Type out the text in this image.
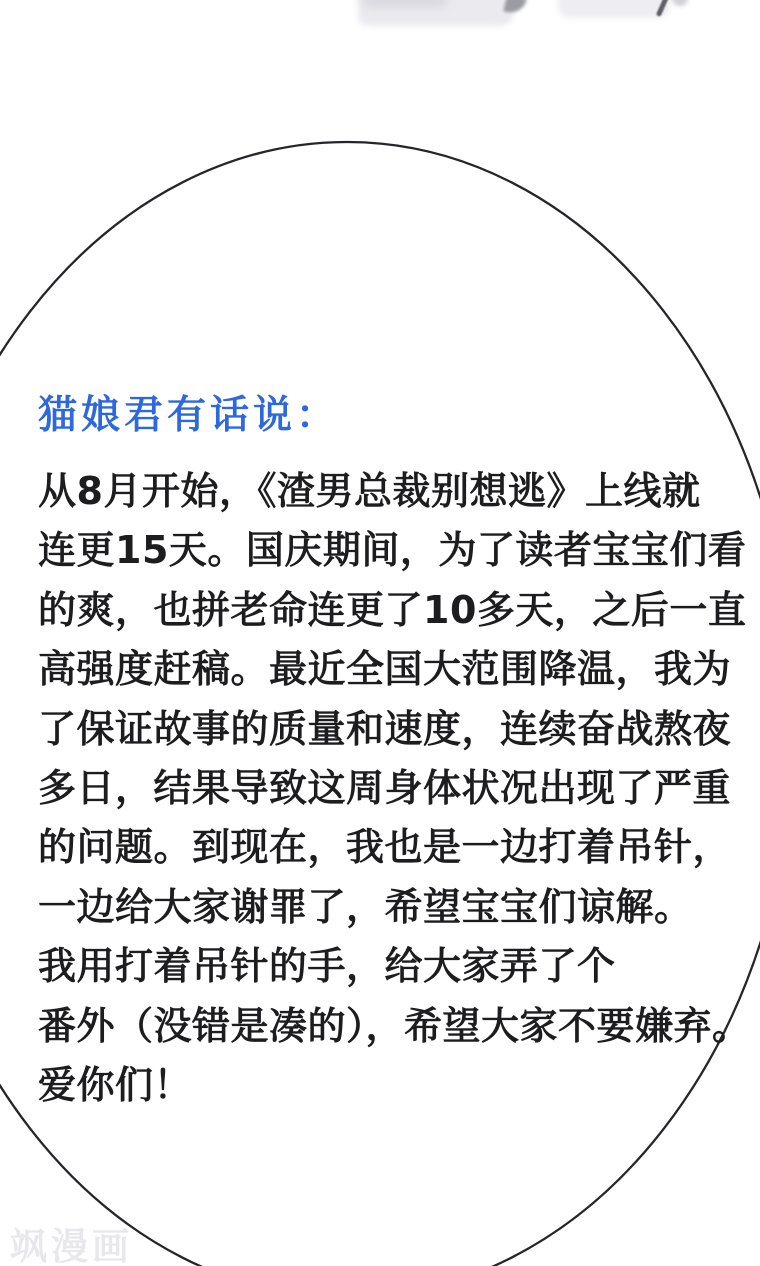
猫娘君有话说：
从8月开始，《渣男总裁别想逃》上线就
连更15天。国庆期间，为了读者宝宝们看
的爽，也拼老命连更了10多天，之后一直
高强度赶稿。最近全国大范围降温，我为
了保证故事的质量和速度，连续奋战熬夜
多日，结果导致这周身体状况出现了严重
的问题。到现在，我也是一边打着吊针，
一边给大家谢罪了，希望宝宝们谅解。
我用打着吊针的手，给大家弄了个
番外（没错是凑的），希望大家不要嫌弃。
爱你们！
飒漫画
